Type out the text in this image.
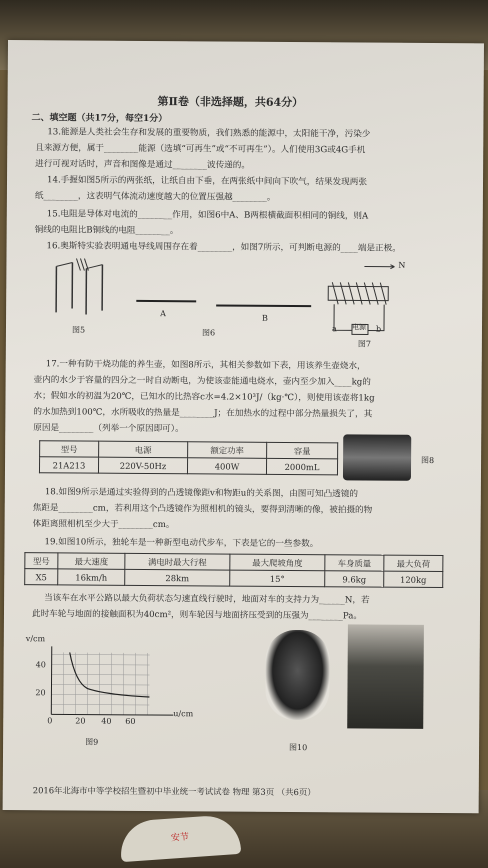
安节
第Ⅱ卷（非选择题，共64分）
二、填空题（共17分，每空1分）
13.能源是人类社会生存和发展的重要物质，我们熟悉的能源中，太阳能干净，污染少
且来源方便，属于________能源（选填“可再生”或“不可再生”）。人们使用3G或4G手机
进行可视对话时，声音和图像是通过________波传递的。
14.手握如图5所示的两张纸，让纸自由下垂，在两张纸中间向下吹气，结果发现两张
纸________，这表明气体流动速度越大的位置压强越________。
15.电阻是导体对电流的________作用，如图6中A、B两根横截面积相同的铜线，则A
铜线的电阻比B铜线的电阻________。
16.奥斯特实验表明通电导线周围存在着________，如图7所示，可判断电源的____端是正极。
图5
A
B
图6
N
a 电源 b
图7
17.一种有防干烧功能的养生壶，如图8所示，其相关参数如下表，用该养生壶烧水，
壶内的水少于容量的四分之一时自动断电，为使该壶能通电烧水，壶内至少加入____kg的
水；假如水的初温为20℃，已知水的比热容c水=4.2×10³J/（kg·℃），则使用该壶将1kg
的水加热到100℃，水所吸收的热量是________J；在加热水的过程中部分热量损失了，其
原因是________（列举一个原因即可）。
型号	电源	额定功率	容量
21A213	220V-50Hz	400W	2000mL
图8
18.如图9所示是通过实验得到的凸透镜像距v和物距u的关系图，由图可知凸透镜的
焦距是________cm，若利用这个凸透镜作为照相机的镜头，要得到清晰的像，被拍摄的物
体距离照相机至少大于________cm。
19.如图10所示，独轮车是一种新型电动代步车，下表是它的一些参数。
型号	最大速度	满电时最大行程	最大爬坡角度	车身质量	最大负荷
X5	16km/h	28km	15°	9.6kg	120kg
当该车在水平公路以最大负荷状态匀速直线行驶时，地面对车的支持力为______N，若
此时车轮与地面的接触面积为40cm²，则车轮因与地面挤压受到的压强为________Pa。
v/cm
40
20
0	20 40 60
u/cm
图9
图10
2016年北海市中等学校招生暨初中毕业统一考试试卷 物理 第3页 （共6页）
